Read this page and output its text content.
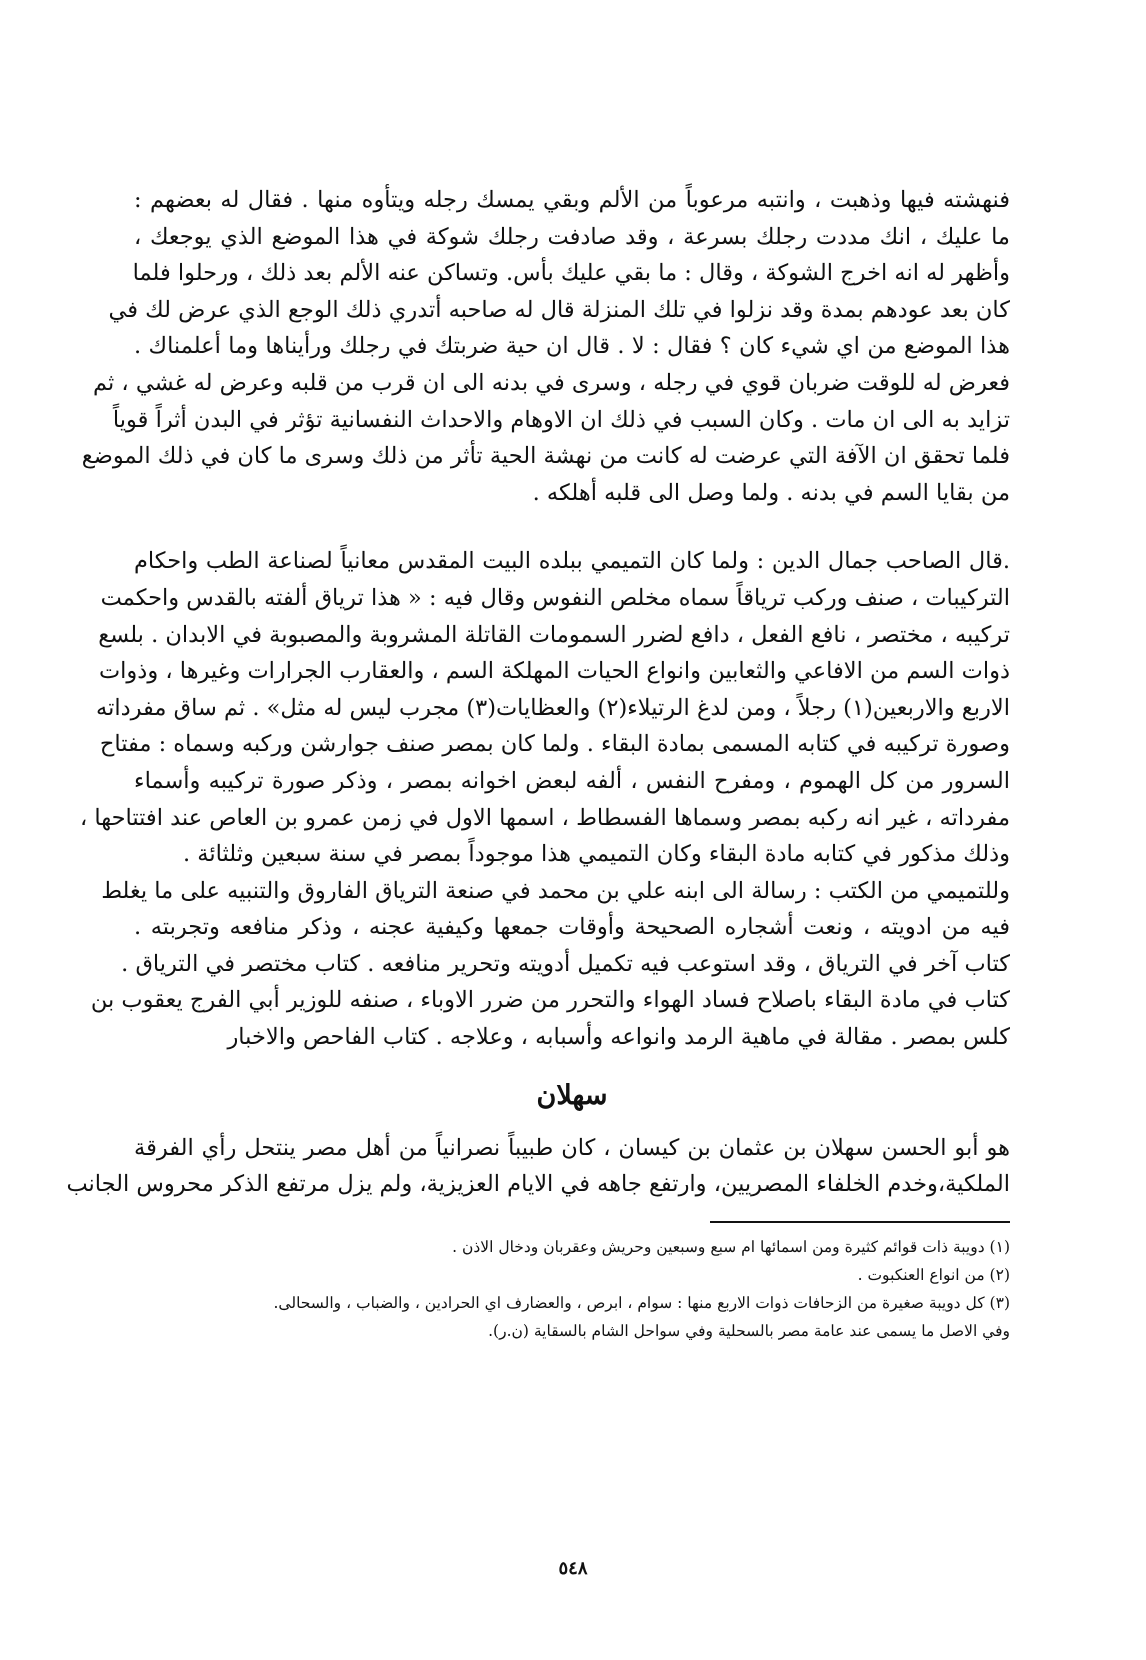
فنهشته فيها وذهبت ، وانتبه مرعوباً من الألم وبقي يمسك رجله ويتأوه منها . فقال له بعضهم :
ما عليك ، انك مددت رجلك بسرعة ، وقد صادفت رجلك شوكة في هذا الموضع الذي يوجعك ،
وأظهر له انه اخرج الشوكة ، وقال : ما بقي عليك بأس. وتساكن عنه الألم بعد ذلك ، ورحلوا فلما
كان بعد عودهم بمدة وقد نزلوا في تلك المنزلة قال له صاحبه أتدري ذلك الوجع الذي عرض لك في
هذا الموضع من اي شيء كان ؟ فقال : لا . قال ان حية ضربتك في رجلك ورأيناها وما أعلمناك .
فعرض له للوقت ضربان قوي في رجله ، وسرى في بدنه الى ان قرب من قلبه وعرض له غشي ، ثم
تزايد به الى ان مات . وكان السبب في ذلك ان الاوهام والاحداث النفسانية تؤثر في البدن أثراً قوياً
فلما تحقق ان الآفة التي عرضت له كانت من نهشة الحية تأثر من ذلك وسرى ما كان في ذلك الموضع
من بقايا السم في بدنه . ولما وصل الى قلبه أهلكه .
.قال الصاحب جمال الدين : ولما كان التميمي ببلده البيت المقدس معانياً لصناعة الطب واحكام
التركيبات ، صنف وركب ترياقاً سماه مخلص النفوس وقال فيه : « هذا ترياق ألفته بالقدس واحكمت
تركيبه ، مختصر ، نافع الفعل ، دافع لضرر السمومات القاتلة المشروبة والمصبوبة في الابدان . بلسع
ذوات السم من الافاعي والثعابين وانواع الحيات المهلكة السم ، والعقارب الجرارات وغيرها ، وذوات
الاربع والاربعين(١) رجلاً ، ومن لدغ الرتيلاء(٢) والعظايات(٣) مجرب ليس له مثل» . ثم ساق مفرداته
وصورة تركيبه في كتابه المسمى بمادة البقاء . ولما كان بمصر صنف جوارشن وركبه وسماه : مفتاح
السرور من كل الهموم ، ومفرح النفس ، ألفه لبعض اخوانه بمصر ، وذكر صورة تركيبه وأسماء
مفرداته ، غير انه ركبه بمصر وسماها الفسطاط ، اسمها الاول في زمن عمرو بن العاص عند افتتاحها ،
وذلك مذكور في كتابه مادة البقاء وكان التميمي هذا موجوداً بمصر في سنة سبعين وثلثائة .
وللتميمي من الكتب : رسالة الى ابنه علي بن محمد في صنعة الترياق الفاروق والتنبيه على ما يغلط
فيه من ادويته ، ونعت أشجاره الصحيحة وأوقات جمعها وكيفية عجنه ، وذكر منافعه وتجربته .
كتاب آخر في الترياق ، وقد استوعب فيه تكميل أدويته وتحرير منافعه . كتاب مختصر في الترياق .
كتاب في مادة البقاء باصلاح فساد الهواء والتحرر من ضرر الاوباء ، صنفه للوزير أبي الفرج يعقوب بن
كلس بمصر . مقالة في ماهية الرمد وانواعه وأسبابه ، وعلاجه . كتاب الفاحص والاخبار
سهلان
هو أبو الحسن سهلان بن عثمان بن كيسان ، كان طبيباً نصرانياً من أهل مصر ينتحل رأي الفرقة
الملكية،وخدم الخلفاء المصريين، وارتفع جاهه في الايام العزيزية، ولم يزل مرتفع الذكر محروس الجانب
(١) دويبة ذات قوائم كثيرة ومن اسمائها ام سبع وسبعين وحريش وعقربان ودخال الاذن .
(٢) من انواع العنكبوت .
(٣) كل دويبة صغيرة من الزحافات ذوات الاربع منها : سوام ، ابرص ، والعضارف اي الحرادين ، والضباب ، والسحالى.
وفي الاصل ما يسمى عند عامة مصر بالسحلية وفي سواحل الشام بالسقاية (ن.ر).
٥٤٨
